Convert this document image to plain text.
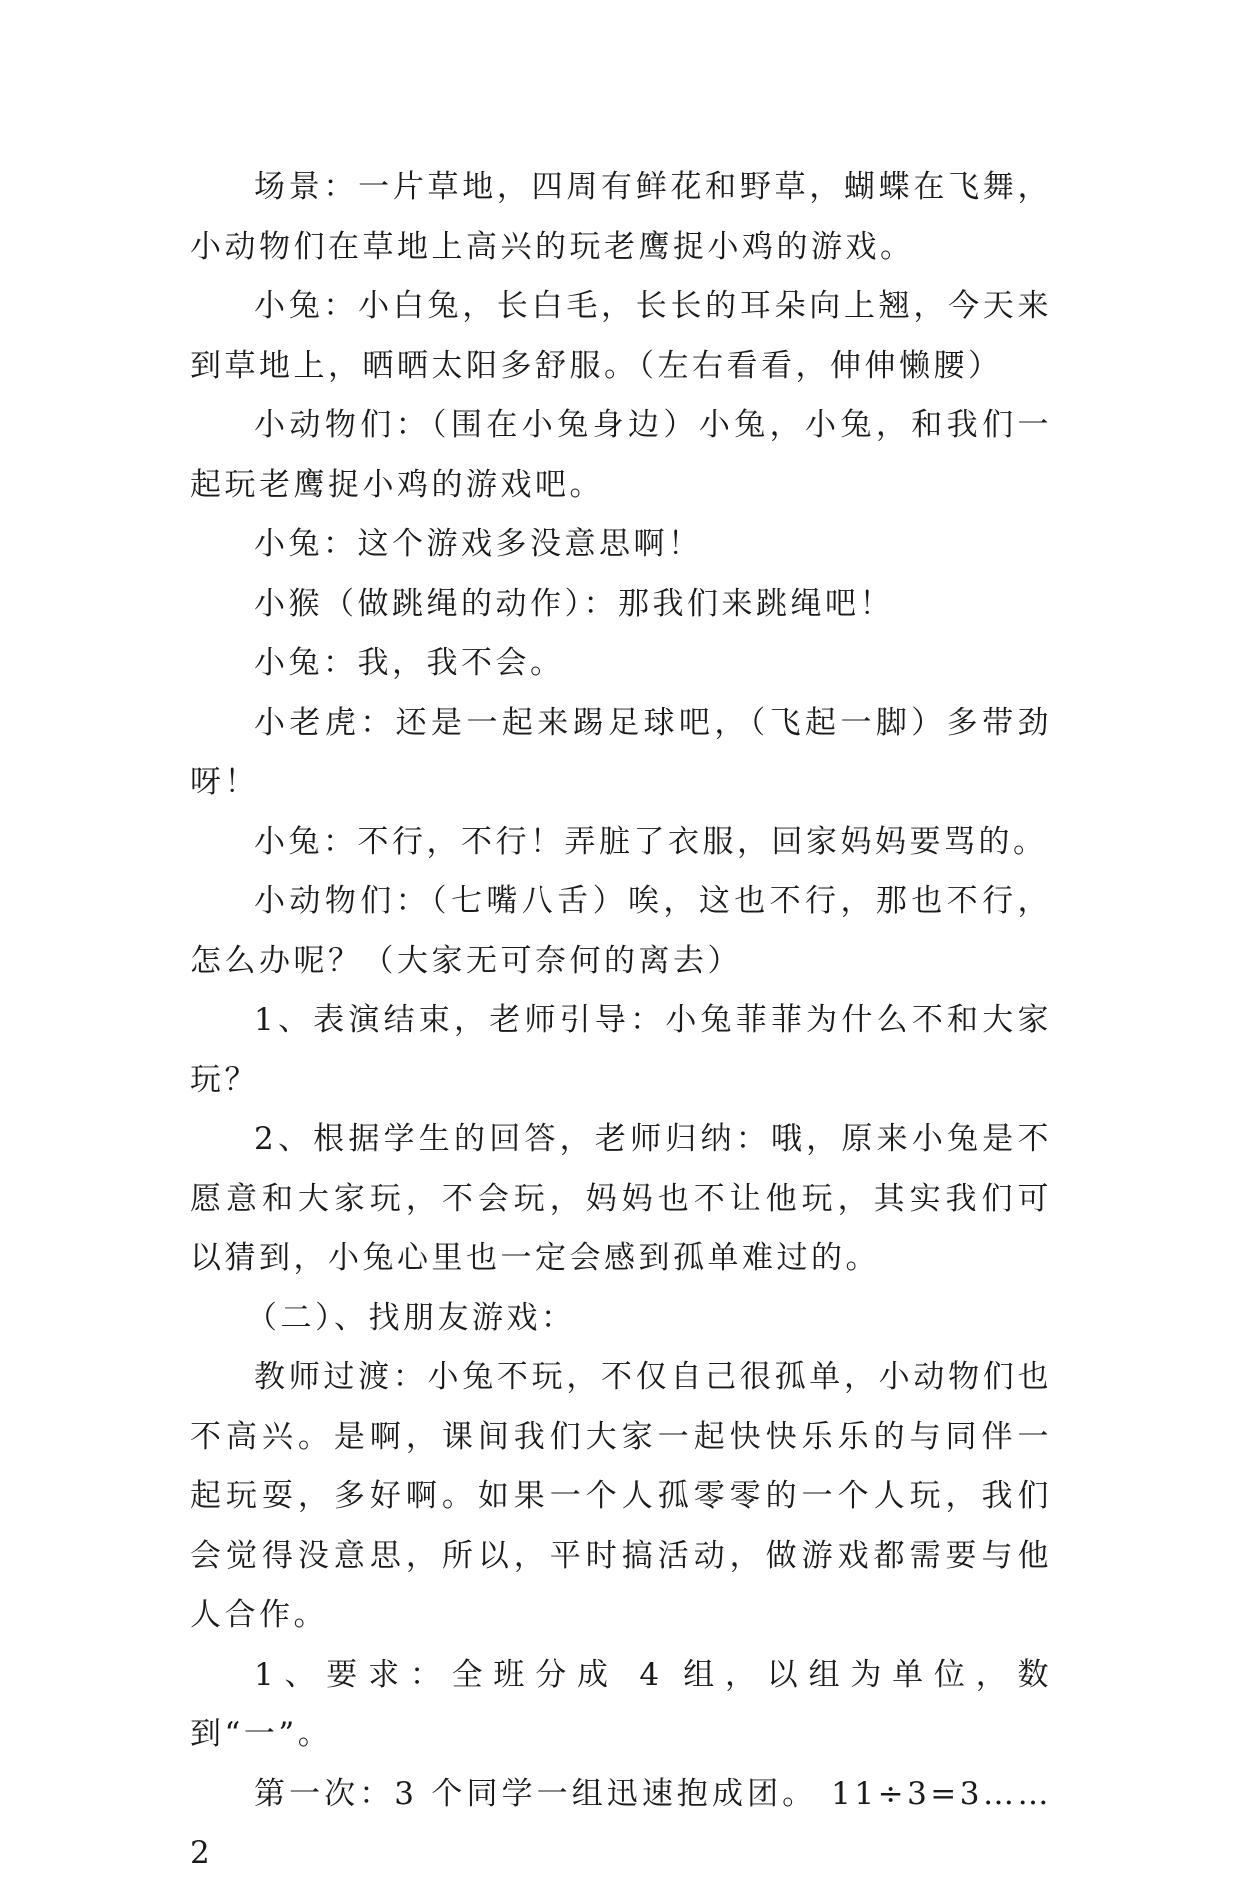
场景：一片草地，四周有鲜花和野草，蝴蝶在飞舞，小动物们在草地上高兴的玩老鹰捉小鸡的游戏。

小兔：小白兔，长白毛，长长的耳朵向上翘，今天来到草地上，晒晒太阳多舒服。（左右看看，伸伸懒腰）

小动物们：（围在小兔身边）小兔，小兔，和我们一起玩老鹰捉小鸡的游戏吧。

小兔：这个游戏多没意思啊！

小猴（做跳绳的动作）：那我们来跳绳吧！

小兔：我，我不会。

小老虎：还是一起来踢足球吧，（飞起一脚）多带劲呀！

小兔：不行，不行！弄脏了衣服，回家妈妈要骂的。

小动物们：（七嘴八舌）唉，这也不行，那也不行，怎么办呢？（大家无可奈何的离去）

1、表演结束，老师引导：小兔菲菲为什么不和大家玩？

2、根据学生的回答，老师归纳：哦，原来小兔是不愿意和大家玩，不会玩，妈妈也不让他玩，其实我们可以猜到，小兔心里也一定会感到孤单难过的。

（二）、找朋友游戏：

教师过渡：小兔不玩，不仅自己很孤单，小动物们也不高兴。是啊，课间我们大家一起快快乐乐的与同伴一起玩耍，多好啊。如果一个人孤零零的一个人玩，我们会觉得没意思，所以，平时搞活动，做游戏都需要与他人合作。

1、要求：全班分成 4 组，以组为单位，数到“一”。

第一次：3 个同学一组迅速抱成团。 11÷3=3……2
